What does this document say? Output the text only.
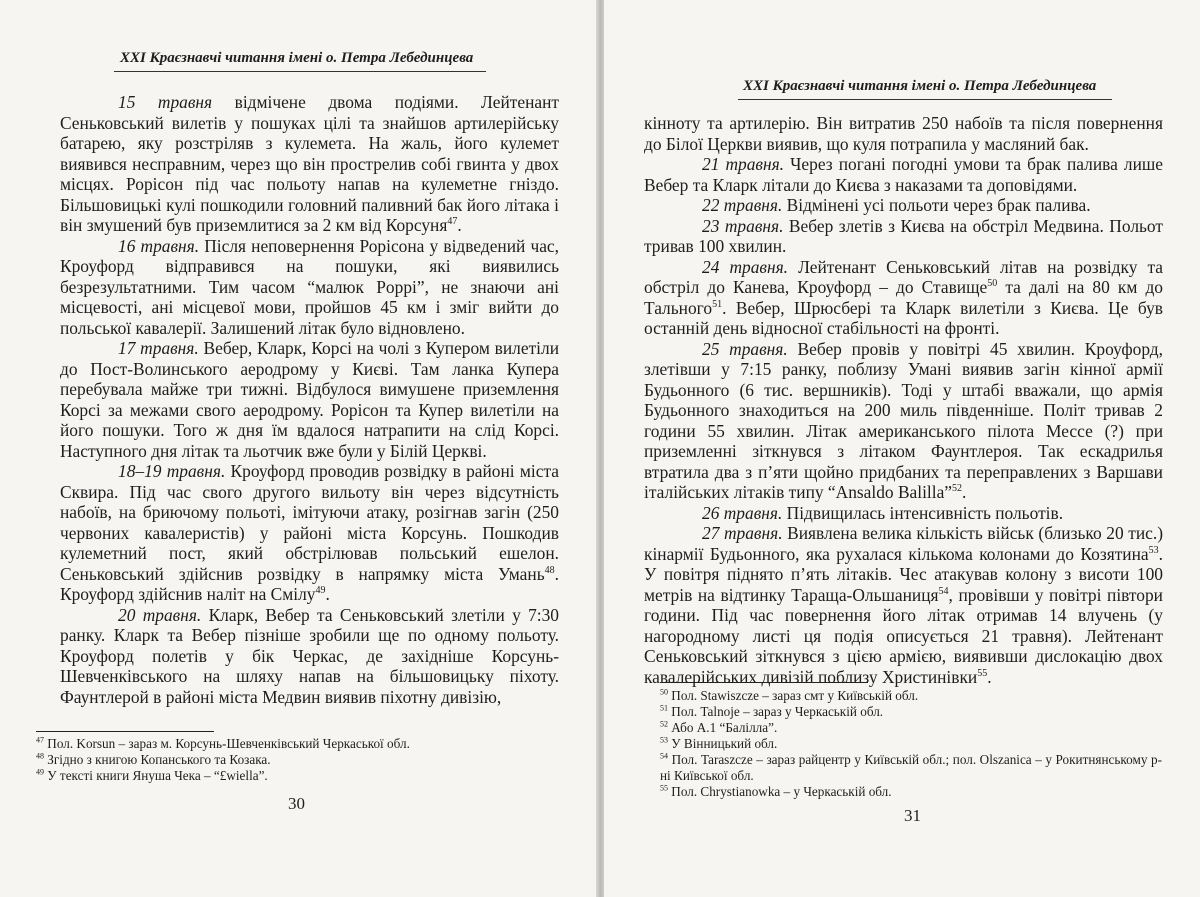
ХХІ Краєзнавчі читання імені о. Петра Лебединцева

15 травня відмічене двома подіями. Лейтенант Сеньковський вилетів у пошуках цілі та знайшов артилерійську батарею, яку розстріляв з кулемета. На жаль, його кулемет виявився несправним, через що він прострелив собі гвинта у двох місцях. Рорісон під час польоту напав на кулеметне гніздо. Більшовицькі кулі пошкодили головний паливний бак його літака і він змушений був приземлитися за 2 км від Корсуня$^{47}$.

16 травня. Після неповернення Рорісона у відведений час, Кроуфорд відправився на пошуки, які виявились безрезультатними. Тим часом “малюк Poppi”, не знаючи ані місцевості, ані місцевої мови, пройшов 45 км і зміг вийти до польської кавалерії. Залишений літак було відновлено.

17 травня. Вебер, Кларк, Корсі на чолі з Купером вилетіли до Пост-Волинського аеродрому у Києві. Там ланка Купера перебувала майже три тижні. Відбулося вимушене приземлення Корсі за межами свого аеродрому. Рорісон та Купер вилетіли на його пошуки. Того ж дня їм вдалося натрапити на слід Корсі. Наступного дня літак та льотчик вже були у Білій Церкві.

18–19 травня. Кроуфорд проводив розвідку в районі міста Сквира. Під час свого другого вильоту він через відсутність набоїв, на бриючому польоті, імітуючи атаку, розігнав загін (250 червоних кавалеристів) у районі міста Корсунь. Пошкодив кулеметний пост, який обстрілював польський ешелон. Сеньковський здійснив розвідку в напрямку міста Умань$^{48}$. Кроуфорд здійснив наліт на Смілу$^{49}$.

20 травня. Кларк, Вебер та Сеньковський злетіли у 7:30 ранку. Кларк та Вебер пізніше зробили ще по одному польоту. Кроуфорд полетів у бік Черкас, де західніше Корсунь-Шевченківського на шляху напав на більшовицьку піхоту. Фаунтлерой в районі міста Медвин виявив піхотну дивізію,

$^{47}$ Пол. Korsun – зараз м. Корсунь-Шевченківський Черкаської обл.
$^{48}$ Згідно з книгою Копанського та Козака.
$^{49}$ У тексті книги Януша Чека – “£wiella”.
30
ХХІ Краєзнавчі читання імені о. Петра Лебединцева

кінноту та артилерію. Він витратив 250 набоїв та після повернення до Білої Церкви виявив, що куля потрапила у масляний бак.

21 травня. Через погані погодні умови та брак палива лише Вебер та Кларк літали до Києва з наказами та доповідями.

22 травня. Відмінені усі польоти через брак палива.

23 травня. Вебер злетів з Києва на обстріл Медвина. Польот тривав 100 хвилин.

24 травня. Лейтенант Сеньковський літав на розвідку та обстріл до Канева, Кроуфорд – до Ставище$^{50}$ та далі на 80 км до Тального$^{51}$. Вебер, Шрюсбері та Кларк вилетіли з Києва. Це був останній день відносної стабільності на фронті.

25 травня. Вебер провів у повітрі 45 хвилин. Кроуфорд, злетівши у 7:15 ранку, поблизу Умані виявив загін кінної армії Будьонного (6 тис. вершників). Тоді у штабі вважали, що армія Будьонного знаходиться на 200 миль південніше. Політ тривав 2 години 55 хвилин. Літак американського пілота Мессе (?) при приземленні зіткнувся з літаком Фаунтлероя. Так ескадрилья втратила два з п’яти щойно придбаних та переправлених з Варшави італійських літаків типу “Ansaldo Balilla”$^{52}$.

26 травня. Підвищилась інтенсивність польотів.

27 травня. Виявлена велика кількість військ (близько 20 тис.) кінармії Будьонного, яка рухалася кількома колонами до Козятина$^{53}$. У повітря піднято п’ять літаків. Чес атакував колону з висоти 100 метрів на відтинку Тараща-Ольшаниця$^{54}$, провівши у повітрі півтори години. Під час повернення його літак отримав 14 влучень (у нагородному листі ця подія описується 21 травня). Лейтенант Сеньковський зіткнувся з цією армією, виявивши дислокацію двох кавалерійських дивізій поблизу Христинівки$^{55}$.

$^{50}$ Пол. Stawiszcze – зараз смт у Київській обл.
$^{51}$ Пол. Talnoje – зараз у Черкаській обл.
$^{52}$ Або А.1 “Балілла”.
$^{53}$ У Вінницький обл.
$^{54}$ Пол. Taraszcze – зараз райцентр у Київській обл.; пол. Olszanica – у Рокитнянському р-ні Київської обл.
$^{55}$ Пол. Chrystianowka – у Черкаській обл.
31
